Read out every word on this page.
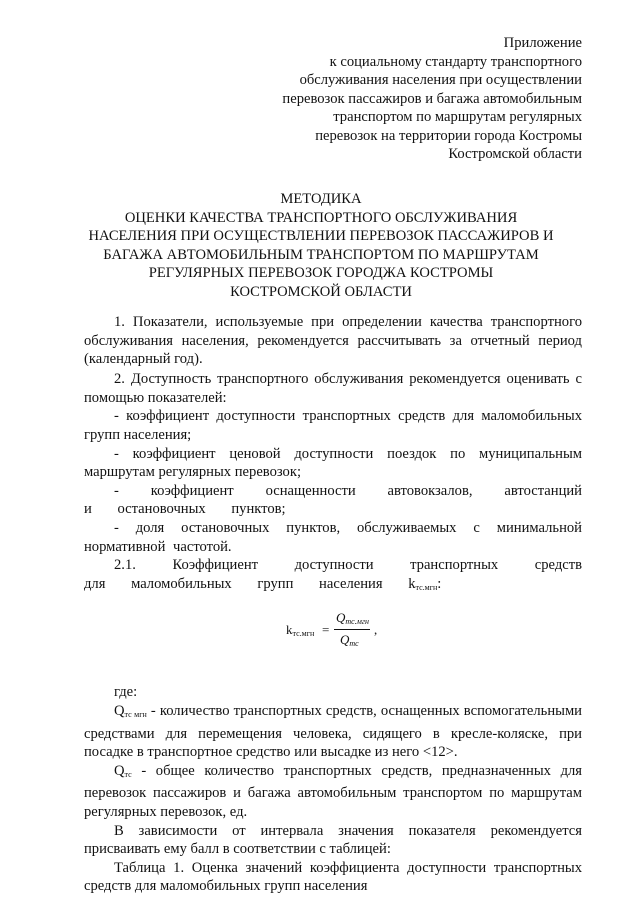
Приложение
к социальному стандарту транспортного
обслуживания населения при осуществлении
перевозок пассажиров и багажа автомобильным
транспортом по маршрутам регулярных
перевозок на территории города Костромы
Костромской области
МЕТОДИКА
ОЦЕНКИ КАЧЕСТВА ТРАНСПОРТНОГО ОБСЛУЖИВАНИЯ
НАСЕЛЕНИЯ ПРИ ОСУЩЕСТВЛЕНИИ ПЕРЕВОЗОК ПАССАЖИРОВ И
БАГАЖА АВТОМОБИЛЬНЫМ ТРАНСПОРТОМ ПО МАРШРУТАМ
РЕГУЛЯРНЫХ ПЕРЕВОЗОК ГОРОДЖА КОСТРОМЫ
КОСТРОМСКОЙ ОБЛАСТИ
1. Показатели, используемые при определении качества транспортного обслуживания населения, рекомендуется рассчитывать за отчетный период (календарный год).
2. Доступность транспортного обслуживания рекомендуется оценивать с помощью показателей:
- коэффициент доступности транспортных средств для маломобильных групп населения;
- коэффициент ценовой доступности поездок по муниципальным маршрутам регулярных перевозок;
- коэффициент оснащенности автовокзалов, автостанций и остановочных пунктов;
- доля остановочных пунктов, обслуживаемых с минимальной нормативной частотой.
2.1. Коэффициент доступности транспортных средств для маломобильных групп населения $k_{тс.мгн}$:
$k_{тс.мгн}$ =
$Q_{тс.мгн}$
$Q_{тс}$
,
где:
$Q_{тс мгн}$ - количество транспортных средств, оснащенных вспомогательными средствами для перемещения человека, сидящего в кресле-коляске, при посадке в транспортное средство или высадке из него <12>.
$Q_{тс}$ - общее количество транспортных средств, предназначенных для перевозок пассажиров и багажа автомобильным транспортом по маршрутам регулярных перевозок, ед.
В зависимости от интервала значения показателя рекомендуется присваивать ему балл в соответствии с таблицей:
Таблица 1. Оценка значений коэффициента доступности транспортных средств для маломобильных групп населения
